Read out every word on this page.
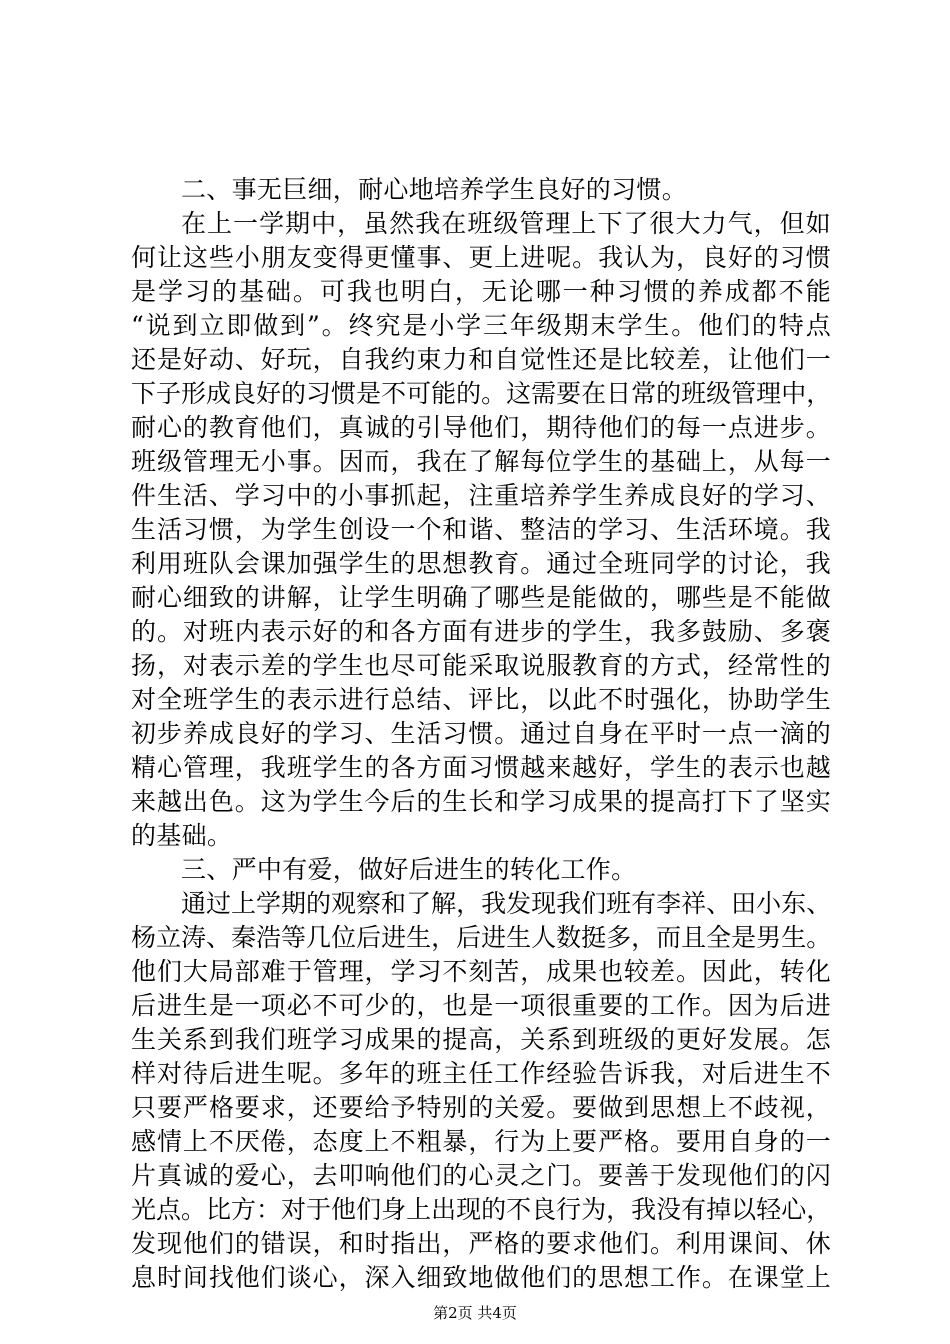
二、事无巨细，耐心地培养学生良好的习惯。
在上一学期中，虽然我在班级管理上下了很大力气，但如
何让这些小朋友变得更懂事、更上进呢。我认为，良好的习惯
是学习的基础。可我也明白，无论哪一种习惯的养成都不能
“说到立即做到”。终究是小学三年级期末学生。他们的特点
还是好动、好玩，自我约束力和自觉性还是比较差，让他们一
下子形成良好的习惯是不可能的。这需要在日常的班级管理中，
耐心的教育他们，真诚的引导他们，期待他们的每一点进步。
班级管理无小事。因而，我在了解每位学生的基础上，从每一
件生活、学习中的小事抓起，注重培养学生养成良好的学习、
生活习惯，为学生创设一个和谐、整洁的学习、生活环境。我
利用班队会课加强学生的思想教育。通过全班同学的讨论，我
耐心细致的讲解，让学生明确了哪些是能做的，哪些是不能做
的。对班内表示好的和各方面有进步的学生，我多鼓励、多褒
扬，对表示差的学生也尽可能采取说服教育的方式，经常性的
对全班学生的表示进行总结、评比，以此不时强化，协助学生
初步养成良好的学习、生活习惯。通过自身在平时一点一滴的
精心管理，我班学生的各方面习惯越来越好，学生的表示也越
来越出色。这为学生今后的生长和学习成果的提高打下了坚实
的基础。
三、严中有爱，做好后进生的转化工作。
通过上学期的观察和了解，我发现我们班有李祥、田小东、
杨立涛、秦浩等几位后进生，后进生人数挺多，而且全是男生。
他们大局部难于管理，学习不刻苦，成果也较差。因此，转化
后进生是一项必不可少的，也是一项很重要的工作。因为后进
生关系到我们班学习成果的提高，关系到班级的更好发展。怎
样对待后进生呢。多年的班主任工作经验告诉我，对后进生不
只要严格要求，还要给予特别的关爱。要做到思想上不歧视，
感情上不厌倦，态度上不粗暴，行为上要严格。要用自身的一
片真诚的爱心，去叩响他们的心灵之门。要善于发现他们的闪
光点。比方：对于他们身上出现的不良行为，我没有掉以轻心，
发现他们的错误，和时指出，严格的要求他们。利用课间、休
息时间找他们谈心，深入细致地做他们的思想工作。在课堂上
第2页 共4页
